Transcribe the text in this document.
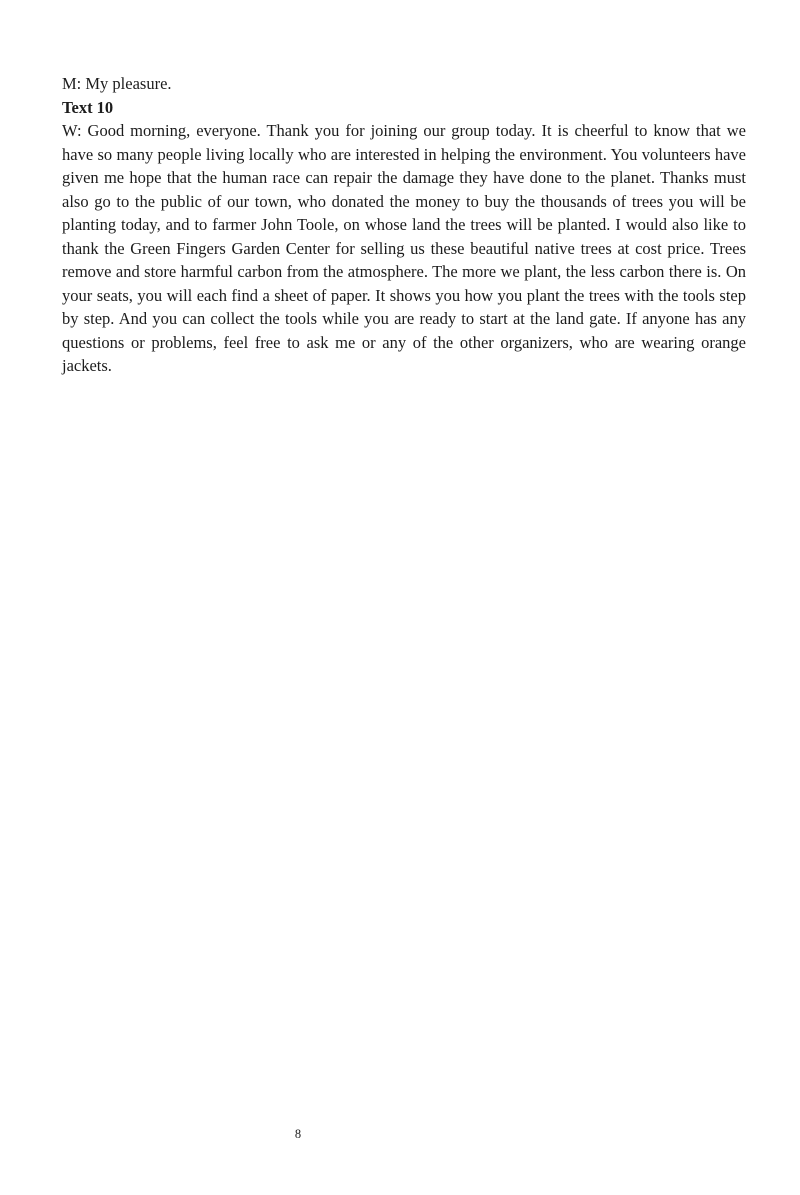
M: My pleasure.

Text 10

W: Good morning, everyone. Thank you for joining our group today. It is cheerful to know that we have so many people living locally who are interested in helping the environment. You volunteers have given me hope that the human race can repair the damage they have done to the planet. Thanks must also go to the public of our town, who donated the money to buy the thousands of trees you will be planting today, and to farmer John Toole, on whose land the trees will be planted. I would also like to thank the Green Fingers Garden Center for selling us these beautiful native trees at cost price. Trees remove and store harmful carbon from the atmosphere. The more we plant, the less carbon there is. On your seats, you will each find a sheet of paper. It shows you how you plant the trees with the tools step by step. And you can collect the tools while you are ready to start at the land gate. If anyone has any questions or problems, feel free to ask me or any of the other organizers, who are wearing orange jackets.

8
